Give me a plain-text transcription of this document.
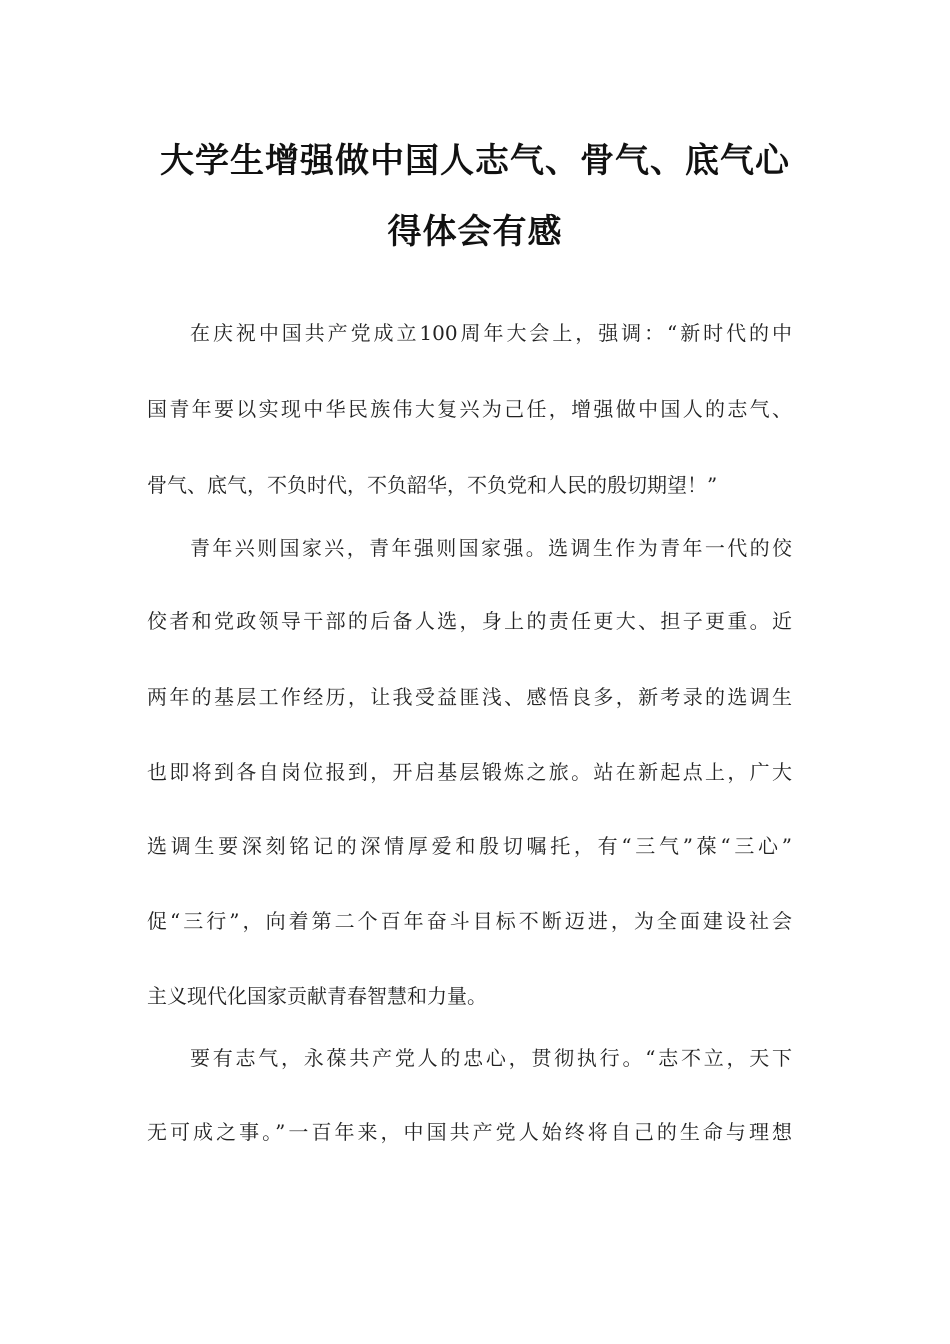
大学生增强做中国人志气、骨气、底气心
得体会有感

在庆祝中国共产党成立100周年大会上，强调：“新时代的中

国青年要以实现中华民族伟大复兴为己任，增强做中国人的志气、

骨气、底气，不负时代，不负韶华，不负党和人民的殷切期望！”

青年兴则国家兴，青年强则国家强。选调生作为青年一代的佼

佼者和党政领导干部的后备人选，身上的责任更大、担子更重。近

两年的基层工作经历，让我受益匪浅、感悟良多，新考录的选调生

也即将到各自岗位报到，开启基层锻炼之旅。站在新起点上，广大

选调生要深刻铭记的深情厚爱和殷切嘱托，有“三气”葆“三心”

促“三行”，向着第二个百年奋斗目标不断迈进，为全面建设社会

主义现代化国家贡献青春智慧和力量。

要有志气，永葆共产党人的忠心，贯彻执行。“志不立，天下

无可成之事。”一百年来，中国共产党人始终将自己的生命与理想
